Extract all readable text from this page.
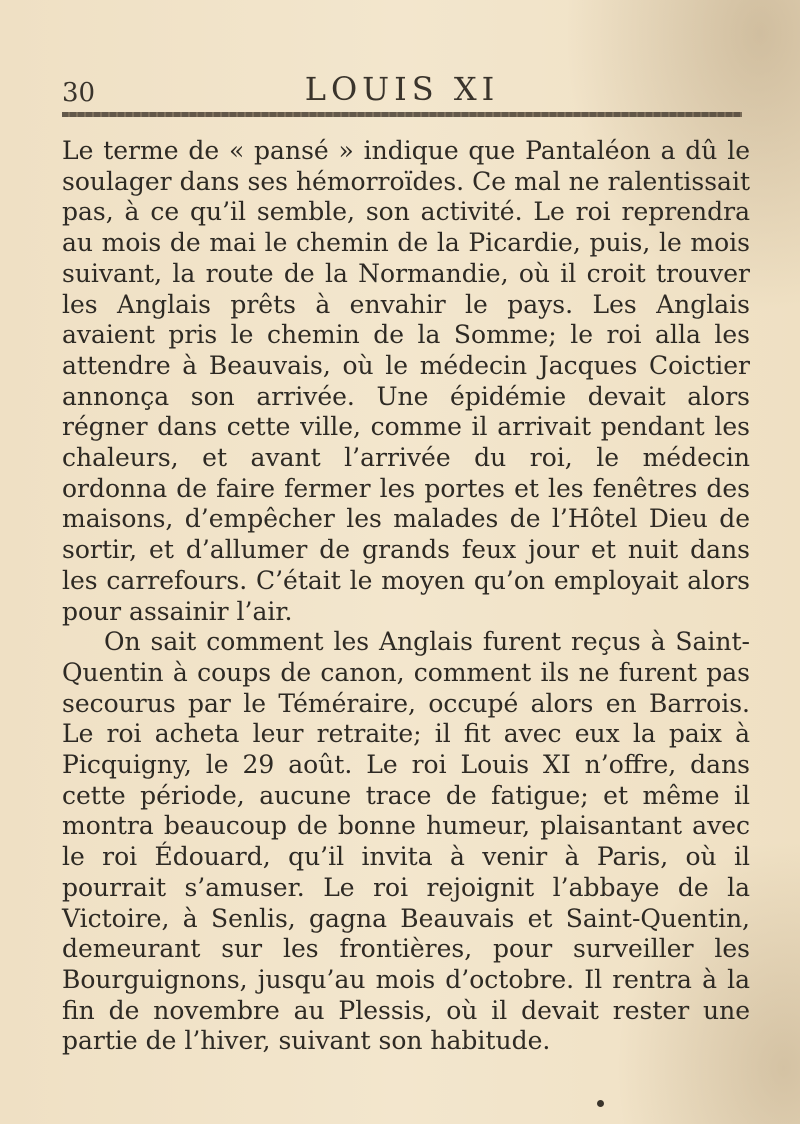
30	LOUIS XI

Le terme de « pansé » indique que Pantaléon a dû le soulager dans ses hémorroïdes. Ce mal ne ralentissait pas, à ce qu’il semble, son activité. Le roi reprendra au mois de mai le chemin de la Picardie, puis, le mois suivant, la route de la Normandie, où il croit trouver les Anglais prêts à envahir le pays. Les Anglais avaient pris le chemin de la Somme; le roi alla les attendre à Beauvais, où le médecin Jacques Coictier annonça son arrivée. Une épidémie devait alors régner dans cette ville, comme il arrivait pendant les chaleurs, et avant l’arrivée du roi, le médecin ordonna de faire fermer les portes et les fenêtres des maisons, d’empêcher les malades de l’Hôtel Dieu de sortir, et d’allumer de grands feux jour et nuit dans les carrefours. C’était le moyen qu’on employait alors pour assainir l’air.

On sait comment les Anglais furent reçus à Saint-Quentin à coups de canon, comment ils ne furent pas secourus par le Téméraire, occupé alors en Barrois. Le roi acheta leur retraite; il fit avec eux la paix à Picquigny, le 29 août. Le roi Louis XI n’offre, dans cette période, aucune trace de fatigue; et même il montra beaucoup de bonne humeur, plaisantant avec le roi Édouard, qu’il invita à venir à Paris, où il pourrait s’amuser. Le roi rejoignit l’abbaye de la Victoire, à Senlis, gagna Beauvais et Saint-Quentin, demeurant sur les frontières, pour surveiller les Bourguignons, jusqu’au mois d’octobre. Il rentra à la fin de novembre au Plessis, où il devait rester une partie de l’hiver, suivant son habitude.
